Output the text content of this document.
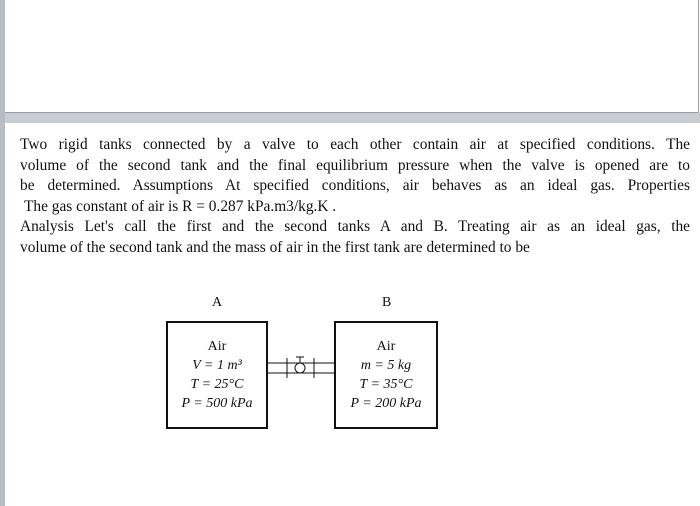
Two rigid tanks connected by a valve to each other contain air at specified conditions. The
volume of the second tank and the final equilibrium pressure when the valve is opened are to
be determined. Assumptions At specified conditions, air behaves as an ideal gas. Properties
The gas constant of air is R = 0.287 kPa.m3/kg.K .
Analysis Let's call the first and the second tanks A and B. Treating air as an ideal gas, the
volume of the second tank and the mass of air in the first tank are determined to be
A	B
Air
V = 1 m³
T = 25°C
P = 500 kPa
Air
m = 5 kg
T = 35°C
P = 200 kPa
